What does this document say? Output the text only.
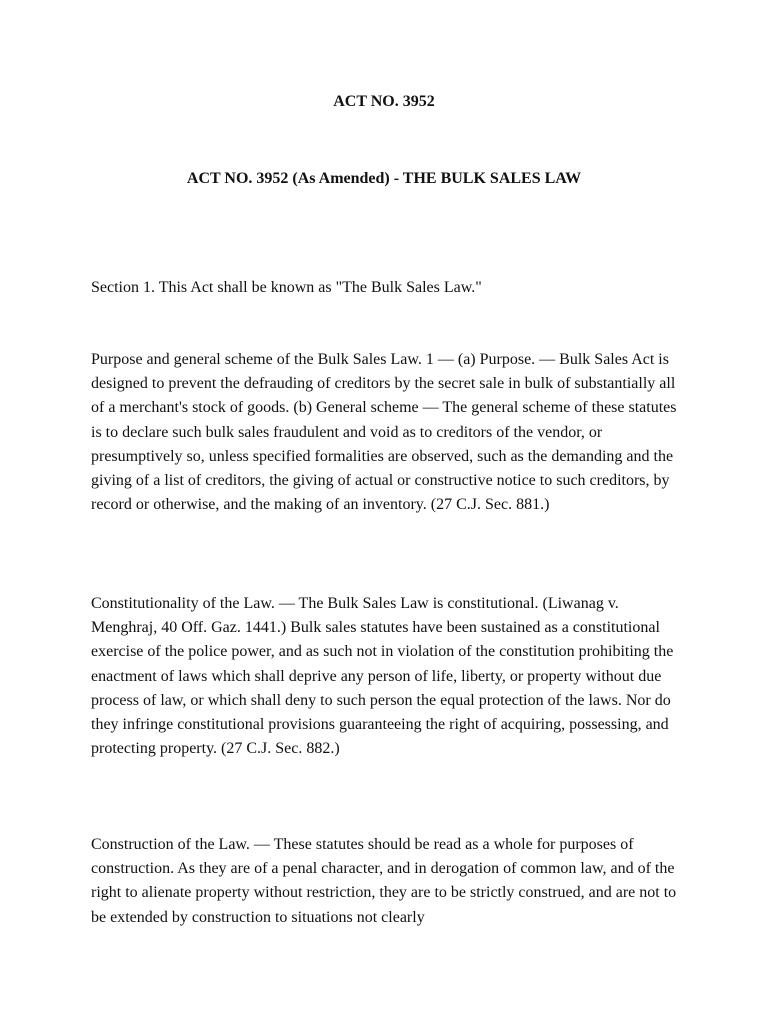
ACT NO. 3952
ACT NO. 3952 (As Amended) - THE BULK SALES LAW

Section 1. This Act shall be known as "The Bulk Sales Law."

Purpose and general scheme of the Bulk Sales Law. 1 — (a) Purpose. — Bulk Sales Act is designed to prevent the defrauding of creditors by the secret sale in bulk of substantially all of a merchant's stock of goods. (b) General scheme — The general scheme of these statutes is to declare such bulk sales fraudulent and void as to creditors of the vendor, or presumptively so, unless specified formalities are observed, such as the demanding and the giving of a list of creditors, the giving of actual or constructive notice to such creditors, by record or otherwise, and the making of an inventory. (27 C.J. Sec. 881.)

Constitutionality of the Law. — The Bulk Sales Law is constitutional. (Liwanag v. Menghraj, 40 Off. Gaz. 1441.) Bulk sales statutes have been sustained as a constitutional exercise of the police power, and as such not in violation of the constitution prohibiting the enactment of laws which shall deprive any person of life, liberty, or property without due process of law, or which shall deny to such person the equal protection of the laws. Nor do they infringe constitutional provisions guaranteeing the right of acquiring, possessing, and protecting property. (27 C.J. Sec. 882.)

Construction of the Law. — These statutes should be read as a whole for purposes of construction. As they are of a penal character, and in derogation of common law, and of the right to alienate property without restriction, they are to be strictly construed, and are not to be extended by construction to situations not clearly
